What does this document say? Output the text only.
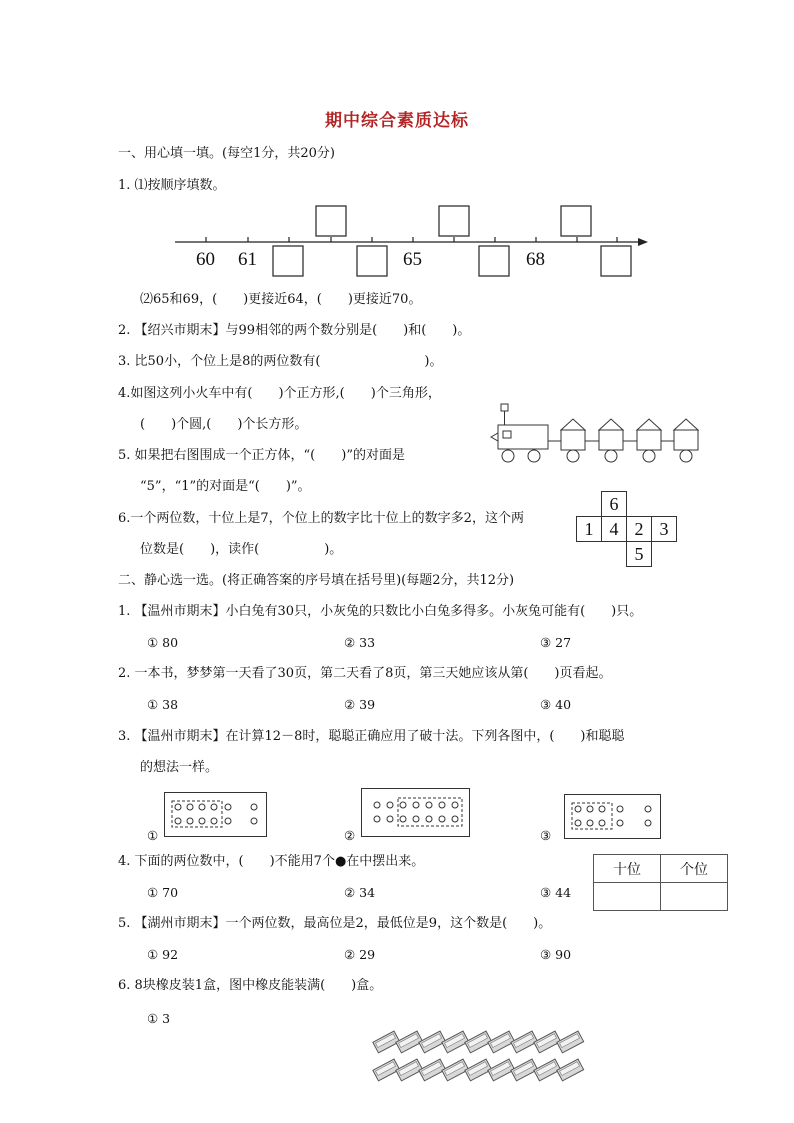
期中综合素质达标
一、用心填一填。(每空1分，共20分)
1. ⑴按顺序填数。
60 61	65	68
⑵65和69，(　　)更接近64，(　　)更接近70。
2. 【绍兴市期末】与99相邻的两个数分别是(　　)和(　　)。
3. 比50小，个位上是8的两位数有(　　　　　　　　)。
4.如图这列小火车中有(　　)个正方形,(　　)个三角形，
(　　)个圆,(　　)个长方形。
5. 如果把右图围成一个正方体，“(　　)”的对面是
“5”，“1”的对面是“(　　)”。
	6		
1	4	2	3
		5	
6.一个两位数，十位上是7，个位上的数字比十位上的数字多2，这个两
位数是(　　)，读作(　　　　　)。
二、静心选一选。(将正确答案的序号填在括号里)(每题2分，共12分)
1. 【温州市期末】小白兔有30只，小灰兔的只数比小白兔多得多。小灰兔可能有(　　)只。
① 80	② 33	③ 27
2. 一本书，梦梦第一天看了30页，第二天看了8页，第三天她应该从第(　　)页看起。
① 38	② 39	③ 40
3. 【温州市期末】在计算12－8时，聪聪正确应用了破十法。下列各图中，(　　)和聪聪
的想法一样。
①	②	③
4. 下面的两位数中，(　　)不能用7个●在中摆出来。
① 70	② 34	③ 44
十位	个位

5. 【湖州市期末】一个两位数，最高位是2，最低位是9，这个数是(　　)。
① 92	② 29	③ 90
6. 8块橡皮装1盒，图中橡皮能装满(　　)盒。
① 3
